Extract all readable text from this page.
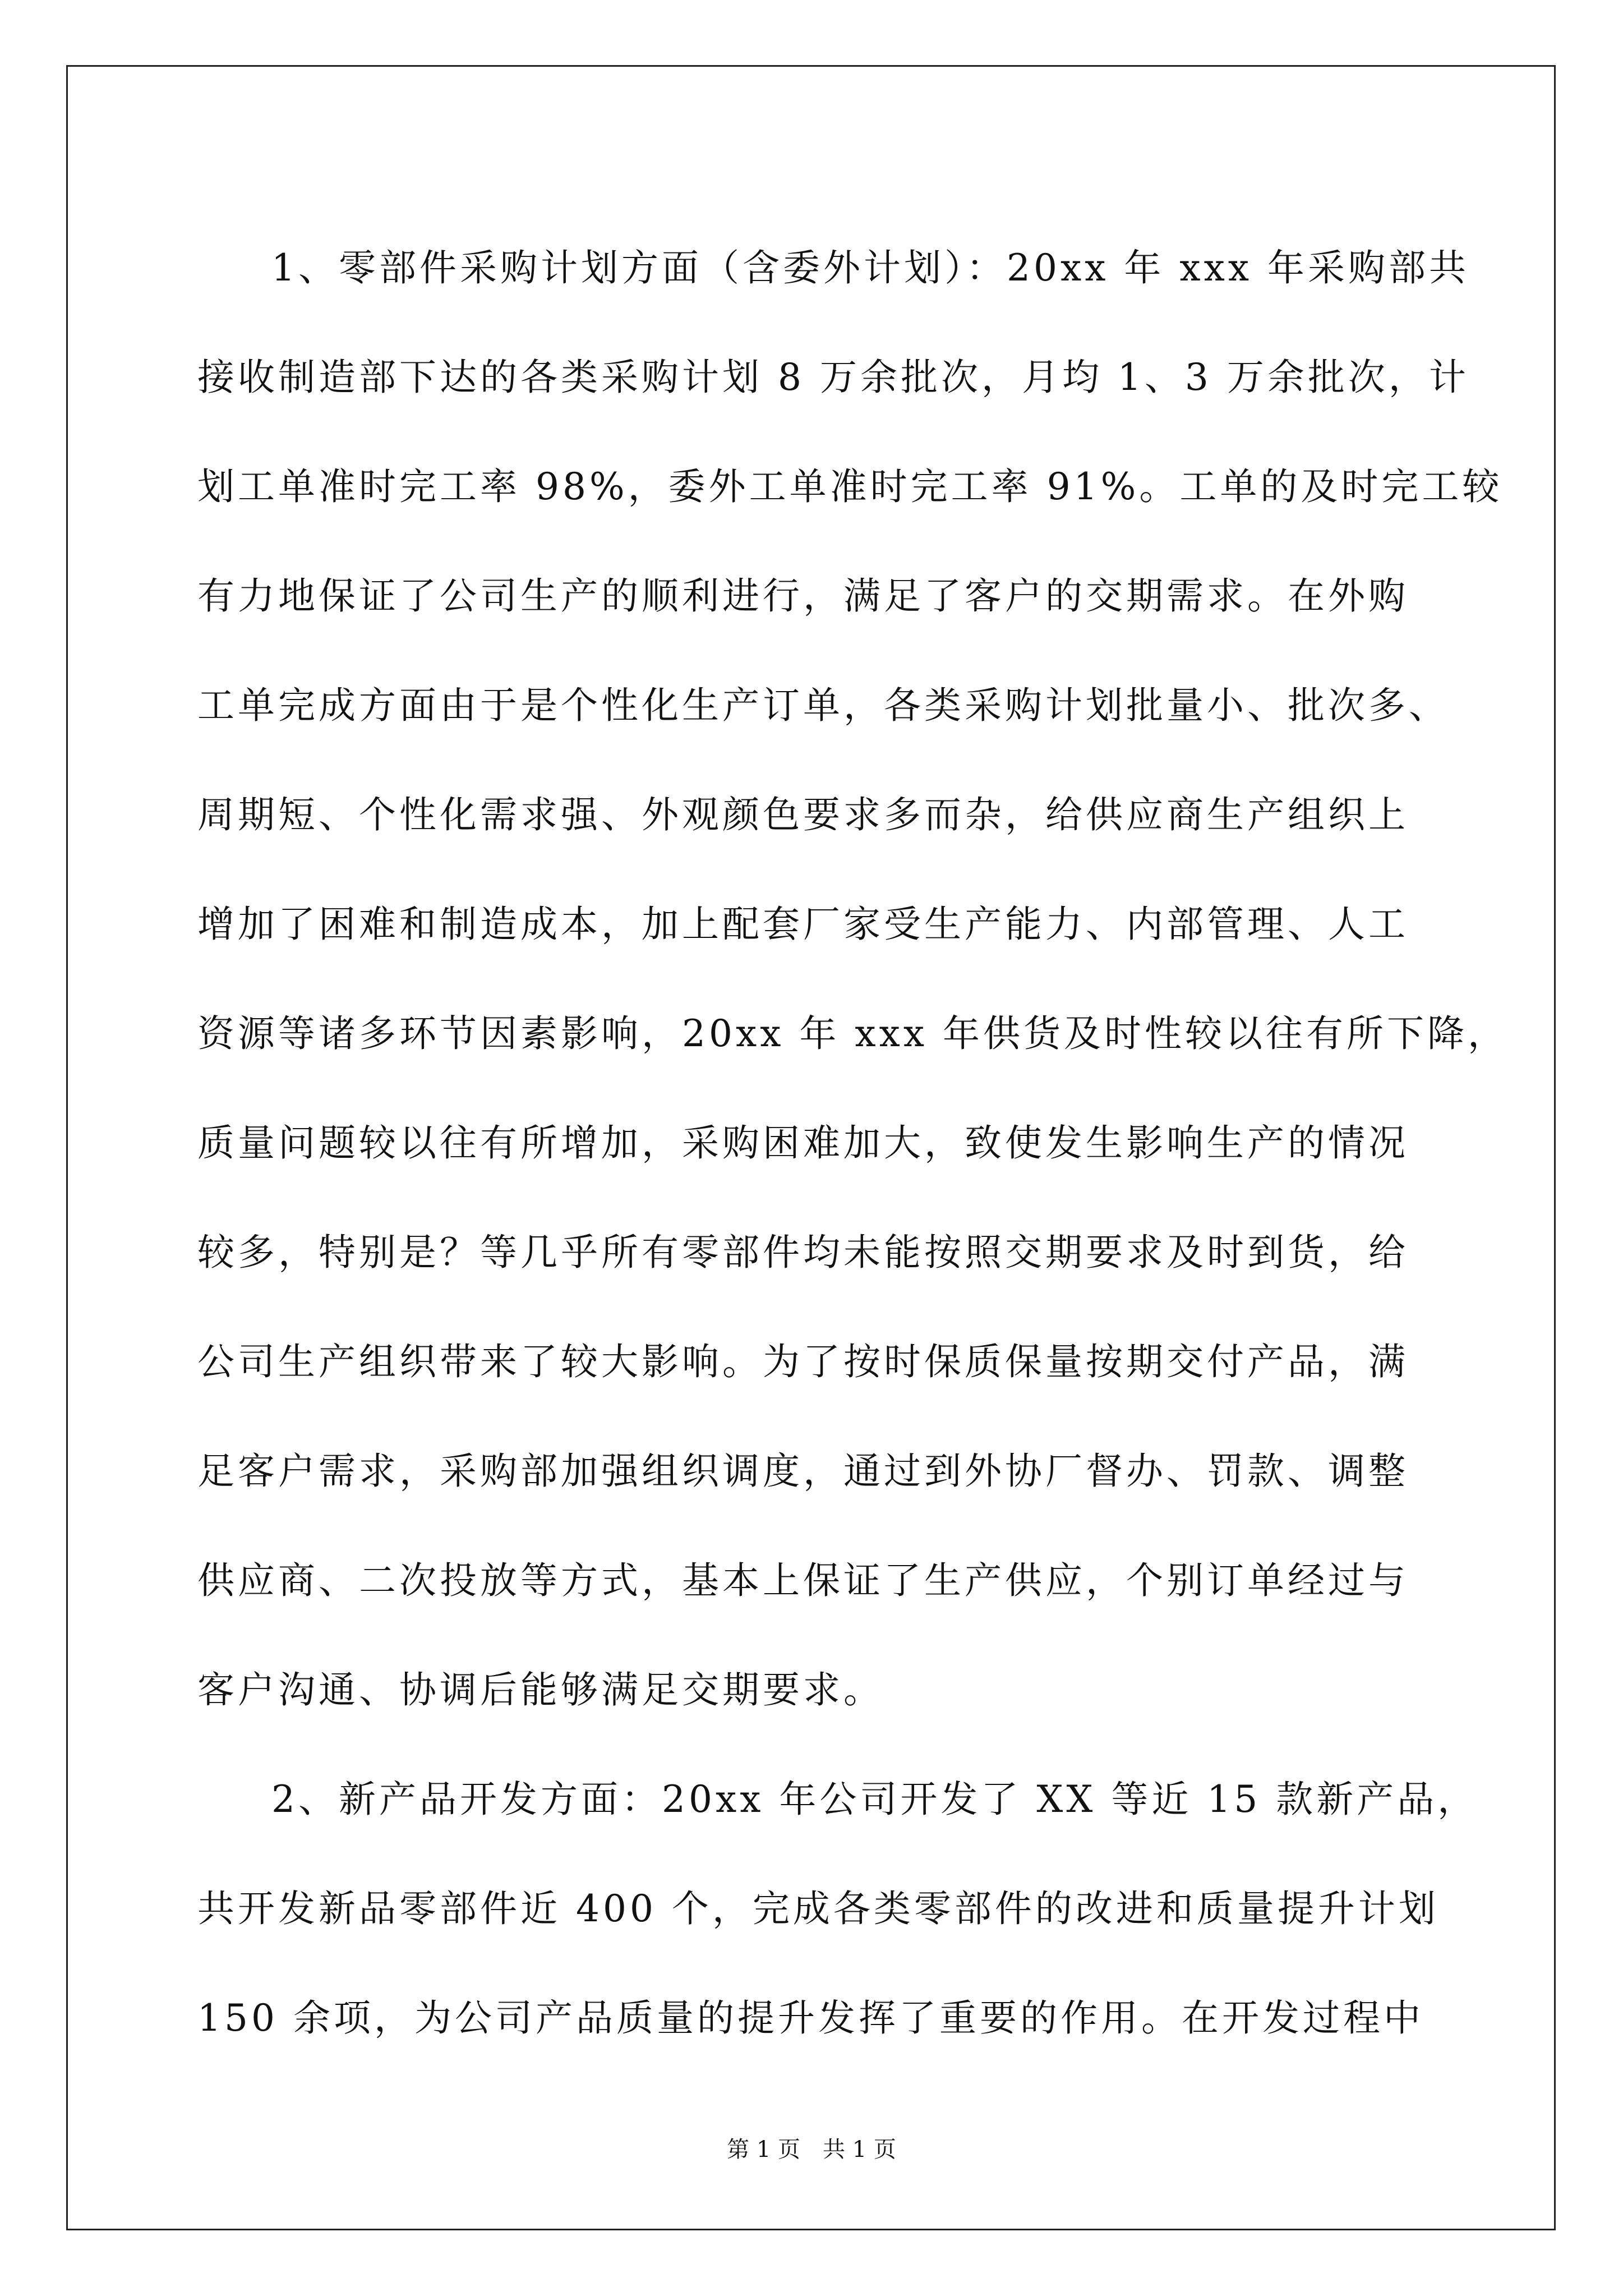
1、零部件采购计划方面（含委外计划）：20xx 年 xxx 年采购部共
接收制造部下达的各类采购计划 8 万余批次，月均 1、3 万余批次，计
划工单准时完工率 98%，委外工单准时完工率 91%。工单的及时完工较
有力地保证了公司生产的顺利进行，满足了客户的交期需求。在外购
工单完成方面由于是个性化生产订单，各类采购计划批量小、批次多、
周期短、个性化需求强、外观颜色要求多而杂，给供应商生产组织上
增加了困难和制造成本，加上配套厂家受生产能力、内部管理、人工
资源等诸多环节因素影响，20xx 年 xxx 年供货及时性较以往有所下降，
质量问题较以往有所增加，采购困难加大，致使发生影响生产的情况
较多，特别是？等几乎所有零部件均未能按照交期要求及时到货，给
公司生产组织带来了较大影响。为了按时保质保量按期交付产品，满
足客户需求，采购部加强组织调度，通过到外协厂督办、罚款、调整
供应商、二次投放等方式，基本上保证了生产供应，个别订单经过与
客户沟通、协调后能够满足交期要求。
2、新产品开发方面：20xx 年公司开发了 XX 等近 15 款新产品，
共开发新品零部件近 400 个，完成各类零部件的改进和质量提升计划
150 余项，为公司产品质量的提升发挥了重要的作用。在开发过程中
第 1 页 共 1 页
